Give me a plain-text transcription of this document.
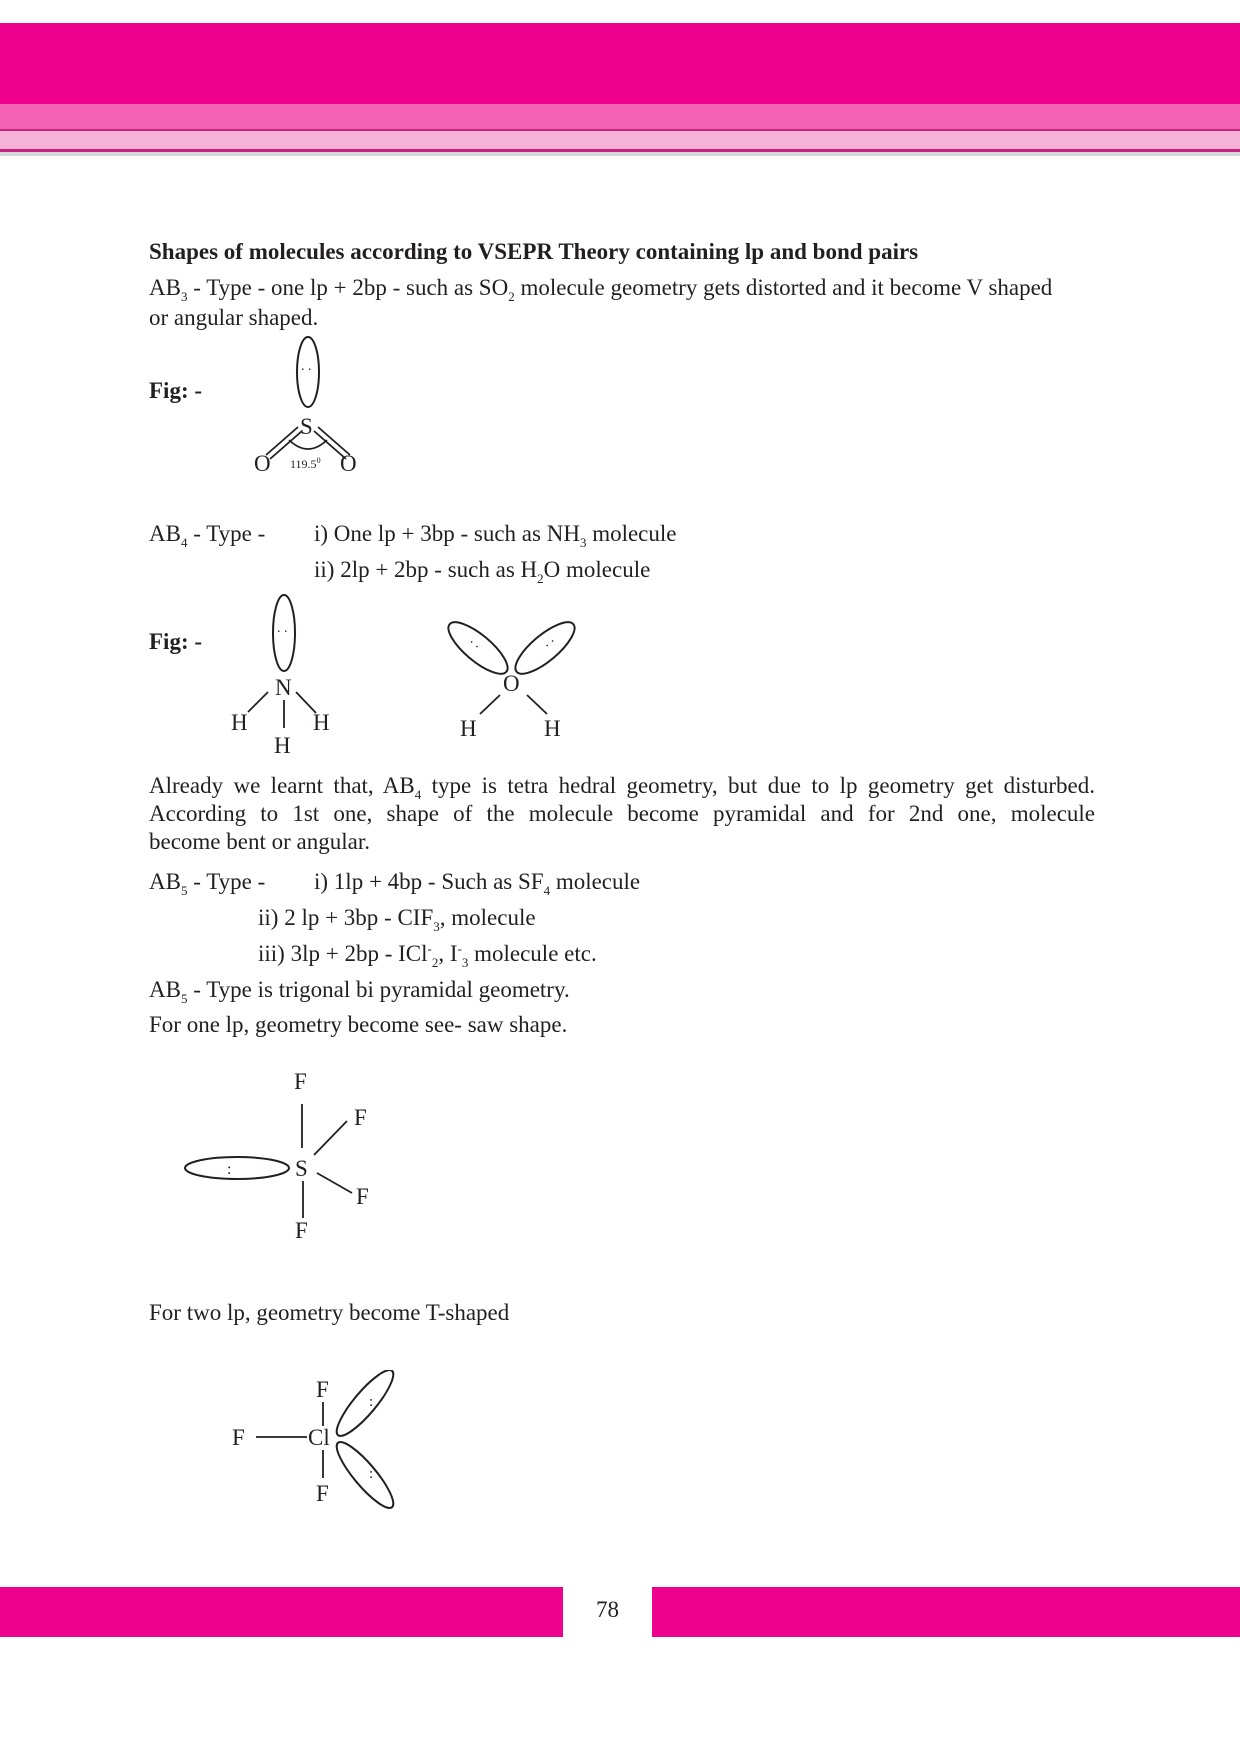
Shapes of molecules according to VSEPR Theory containing lp and bond pairs
$AB_3$ - Type - one lp + 2bp - such as $SO_2$ molecule geometry gets distorted and it become V shaped
or angular shaped.
Fig: -
. .
S
O	O
119.5$^0$
$AB_4$ - Type - i) One lp + 3bp - such as $NH_3$ molecule
ii) 2lp + 2bp - such as $H_2O$ molecule
Fig: -
. .
N
H
H
H
. .	. .
O
H	H
Already we learnt that, $AB_4$ type is tetra hedral geometry, but due to lp geometry get disturbed.
According to 1st one, shape of the molecule become pyramidal and for 2nd one, molecule
become bent or angular.
$AB_5$ - Type - i) 1lp + 4bp - Such as $SF_4$ molecule
ii) 2 lp + $3bp - CIF_3$, molecule
iii) 3lp + 2bp - ICl-$_2$, $I^-_3$ molecule etc.
$AB_5$ - Type is trigonal bi pyramidal geometry.
For one lp, geometry become see- saw shape.
F
F
:	S
F
F
For two lp, geometry become T-shaped
F
F	Cl
F
:
:
78
